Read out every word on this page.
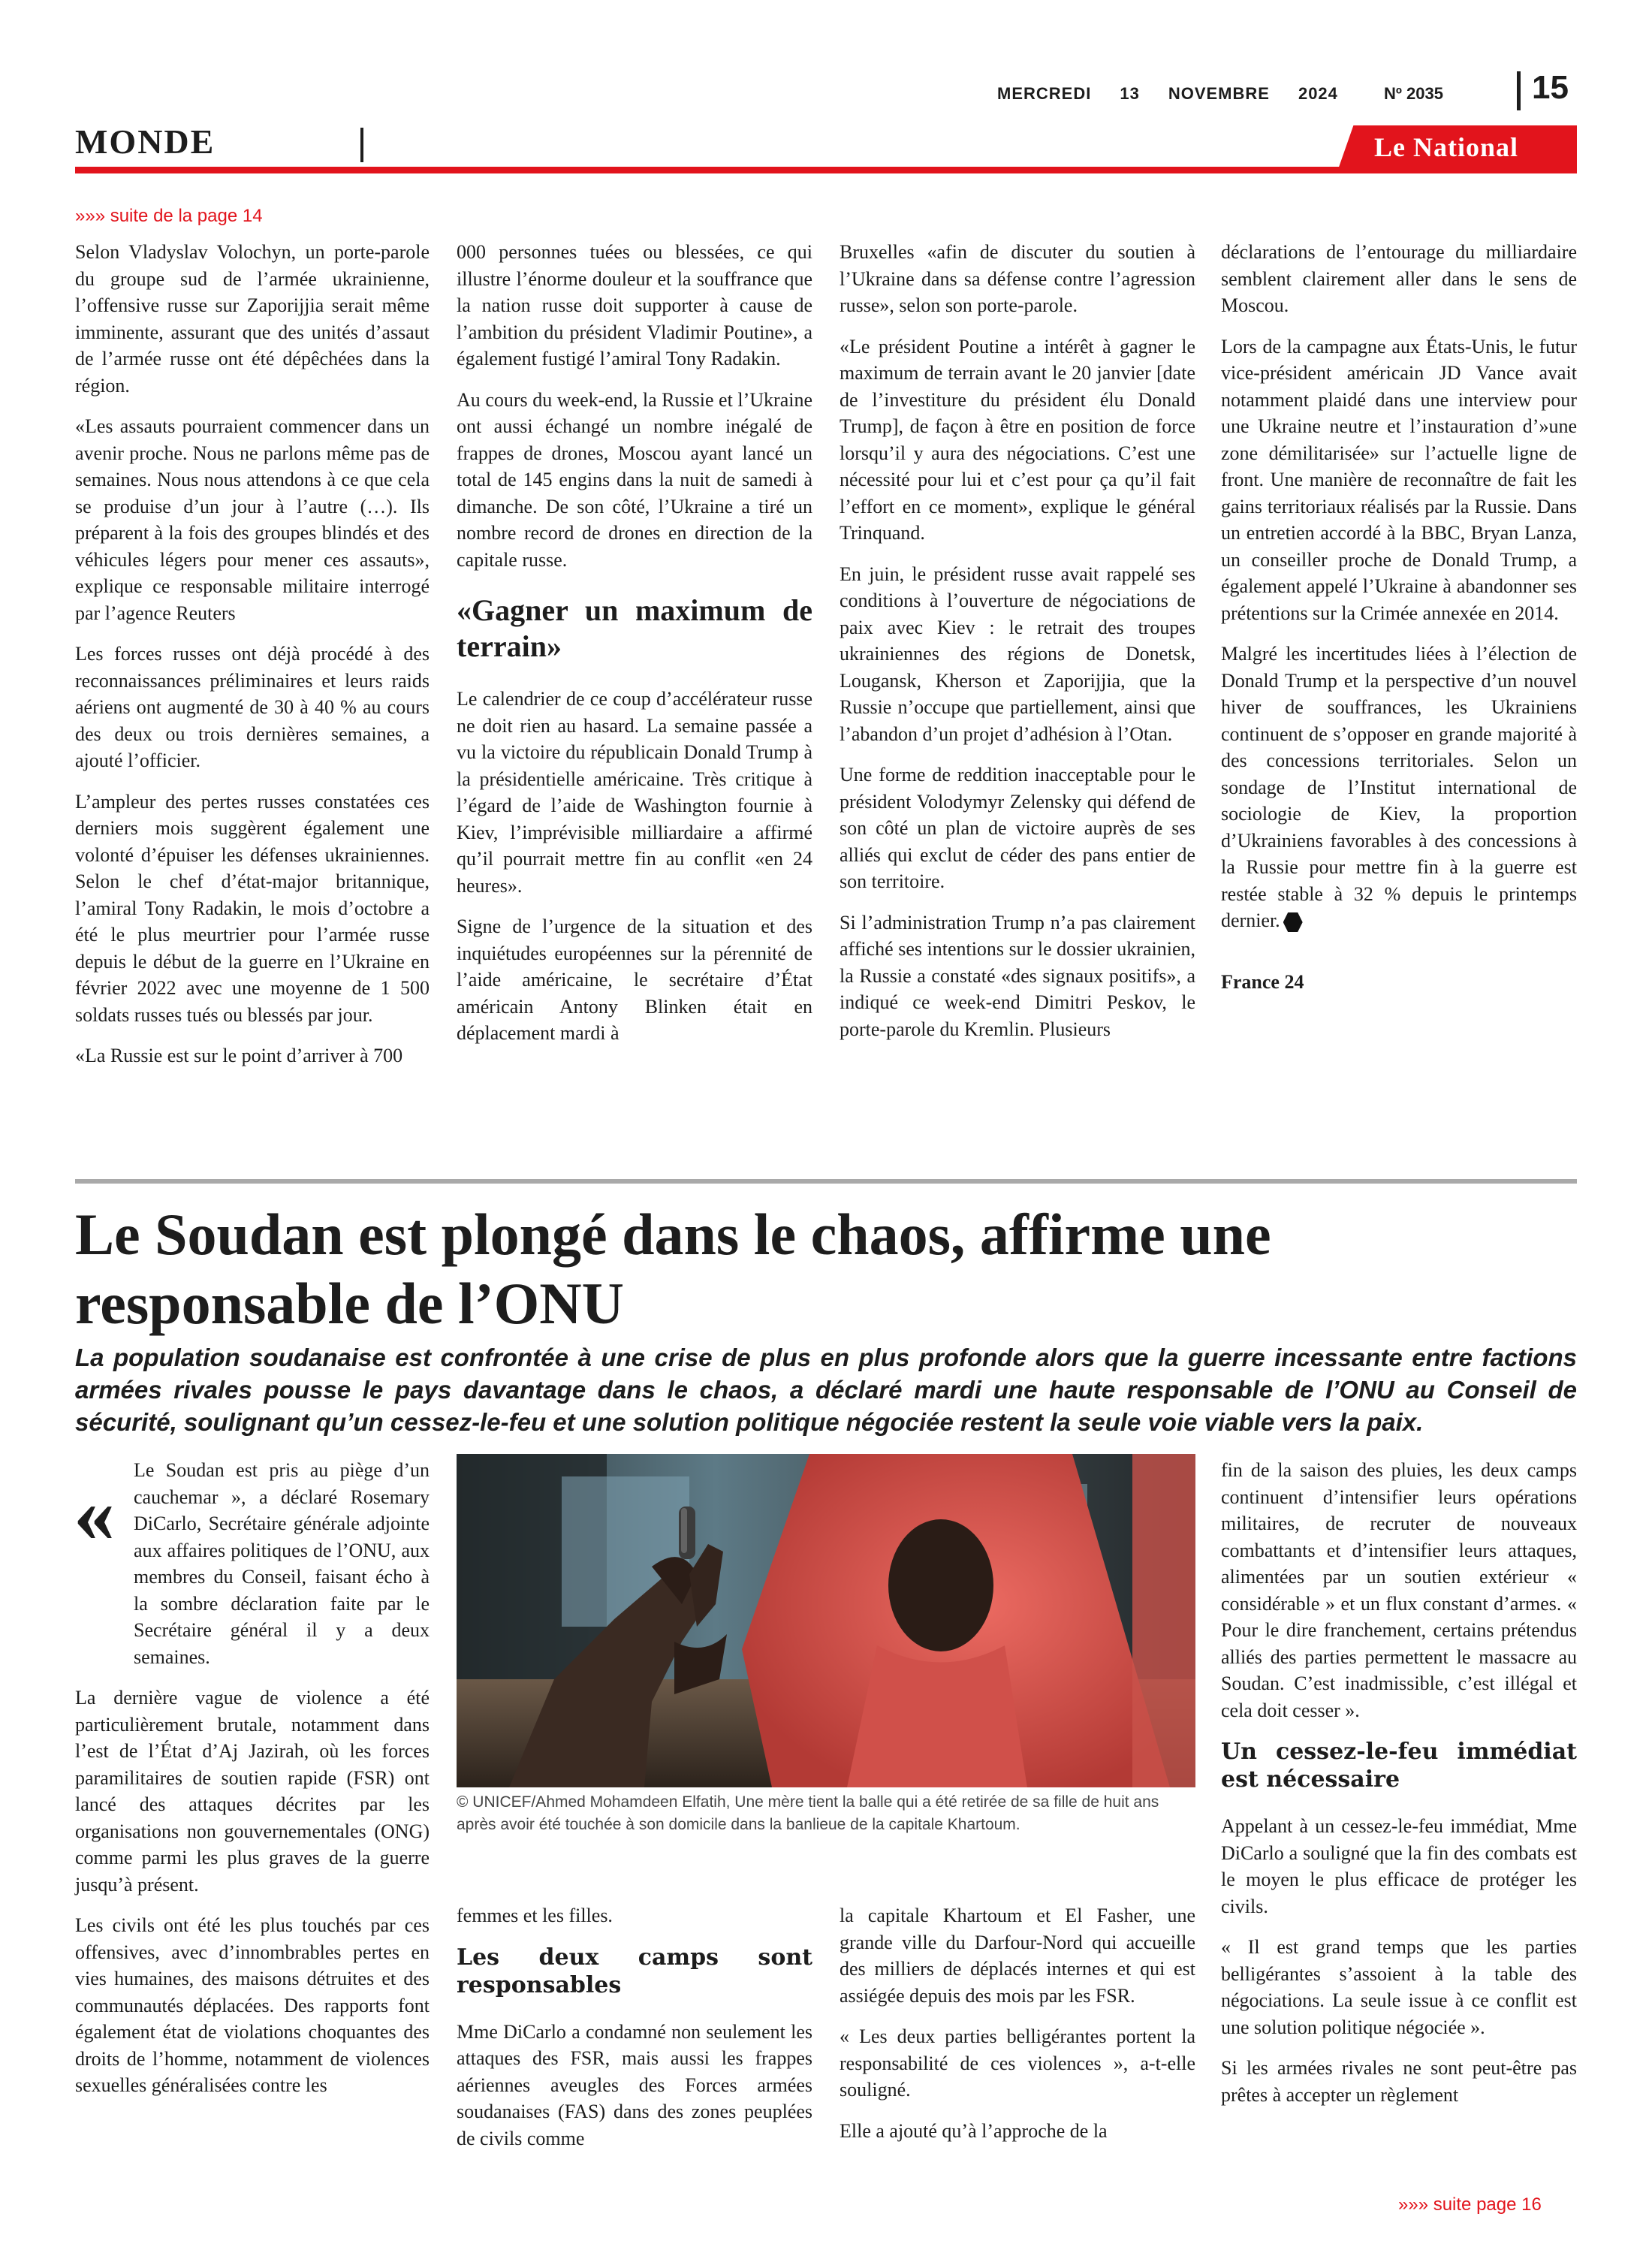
MERCREDI 13 NOVEMBRE 2024	Nº 2035	15
MONDE	Le National
»»» suite de la page 14

Selon Vladyslav Volochyn, un porte-parole du groupe sud de l’armée ukrainienne, l’offensive russe sur Zaporijjia serait même imminente, assurant que des unités d’assaut de l’armée russe ont été dépêchées dans la région.

«Les assauts pourraient commencer dans un avenir proche. Nous ne parlons même pas de semaines. Nous nous attendons à ce que cela se produise d’un jour à l’autre (…). Ils préparent à la fois des groupes blindés et des véhicules légers pour mener ces assauts», explique ce responsable militaire interrogé par l’agence Reuters

Les forces russes ont déjà procédé à des reconnaissances préliminaires et leurs raids aériens ont augmenté de 30 à 40 % au cours des deux ou trois dernières semaines, a ajouté l’officier.

L’ampleur des pertes russes constatées ces derniers mois suggèrent également une volonté d’épuiser les défenses ukrainiennes. Selon le chef d’état-major britannique, l’amiral Tony Radakin, le mois d’octobre a été le plus meurtrier pour l’armée russe depuis le début de la guerre en l’Ukraine en février 2022 avec une moyenne de 1 500 soldats russes tués ou blessés par jour.

«La Russie est sur le point d’arriver à 700

000 personnes tuées ou blessées, ce qui illustre l’énorme douleur et la souffrance que la nation russe doit supporter à cause de l’ambition du président Vladimir Poutine», a également fustigé l’amiral Tony Radakin.

Au cours du week-end, la Russie et l’Ukraine ont aussi échangé un nombre inégalé de frappes de drones, Moscou ayant lancé un total de 145 engins dans la nuit de samedi à dimanche. De son côté, l’Ukraine a tiré un nombre record de drones en direction de la capitale russe.

«Gagner un maximum de terrain»

Le calendrier de ce coup d’accélérateur russe ne doit rien au hasard. La semaine passée a vu la victoire du républicain Donald Trump à la présidentielle américaine. Très critique à l’égard de l’aide de Washington fournie à Kiev, l’imprévisible milliardaire a affirmé qu’il pourrait mettre fin au conflit «en 24 heures».

Signe de l’urgence de la situation et des inquiétudes européennes sur la pérennité de l’aide américaine, le secrétaire d’État américain Antony Blinken était en déplacement mardi à

Bruxelles «afin de discuter du soutien à l’Ukraine dans sa défense contre l’agression russe», selon son porte-parole.

«Le président Poutine a intérêt à gagner le maximum de terrain avant le 20 janvier [date de l’investiture du président élu Donald Trump], de façon à être en position de force lorsqu’il y aura des négociations. C’est une nécessité pour lui et c’est pour ça qu’il fait l’effort en ce moment», explique le général Trinquand.

En juin, le président russe avait rappelé ses conditions à l’ouverture de négociations de paix avec Kiev : le retrait des troupes ukrainiennes des régions de Donetsk, Lougansk, Kherson et Zaporijjia, que la Russie n’occupe que partiellement, ainsi que l’abandon d’un projet d’adhésion à l’Otan.

Une forme de reddition inacceptable pour le président Volodymyr Zelensky qui défend de son côté un plan de victoire auprès de ses alliés qui exclut de céder des pans entier de son territoire.

Si l’administration Trump n’a pas clairement affiché ses intentions sur le dossier ukrainien, la Russie a constaté «des signaux positifs», a indiqué ce week-end Dimitri Peskov, le porte-parole du Kremlin. Plusieurs

déclarations de l’entourage du milliardaire semblent clairement aller dans le sens de Moscou.

Lors de la campagne aux États-Unis, le futur vice-président américain JD Vance avait notamment plaidé dans une interview pour une Ukraine neutre et l’instauration d’»une zone démilitarisée» sur l’actuelle ligne de front. Une manière de reconnaître de fait les gains territoriaux réalisés par la Russie. Dans un entretien accordé à la BBC, Bryan Lanza, un conseiller proche de Donald Trump, a également appelé l’Ukraine à abandonner ses prétentions sur la Crimée annexée en 2014.

Malgré les incertitudes liées à l’élection de Donald Trump et la perspective d’un nouvel hiver de souffrances, les Ukrainiens continuent de s’opposer en grande majorité à des concessions territoriales. Selon un sondage de l’Institut international de sociologie de Kiev, la proportion d’Ukrainiens favorables à des concessions à la Russie pour mettre fin à la guerre est restée stable à 32 % depuis le printemps dernier.

France 24

Le Soudan est plongé dans le chaos, affirme une responsable de l’ONU
La population soudanaise est confrontée à une crise de plus en plus profonde alors que la guerre incessante entre factions armées rivales pousse le pays davantage dans le chaos, a déclaré mardi une haute responsable de l’ONU au Conseil de sécurité, soulignant qu’un cessez-le-feu et une solution politique négociée restent la seule voie viable vers la paix.
« Le Soudan est pris au piège d’un cauchemar », a déclaré Rosemary DiCarlo, Secrétaire générale adjointe aux affaires politiques de l’ONU, aux membres du Conseil, faisant écho à la sombre déclaration faite par le Secrétaire général il y a deux semaines.

La dernière vague de violence a été particulièrement brutale, notamment dans l’est de l’État d’Aj Jazirah, où les forces paramilitaires de soutien rapide (FSR) ont lancé des attaques décrites par les organisations non gouvernementales (ONG) comme parmi les plus graves de la guerre jusqu’à présent.

Les civils ont été les plus touchés par ces offensives, avec d’innombrables pertes en vies humaines, des maisons détruites et des communautés déplacées. Des rapports font également état de violations choquantes des droits de l’homme, notamment de violences sexuelles généralisées contre les

© UNICEF/Ahmed Mohamdeen Elfatih, Une mère tient la balle qui a été retirée de sa fille de huit ans après avoir été touchée à son domicile dans la banlieue de la capitale Khartoum.

femmes et les filles.

Les deux camps sont responsables

Mme DiCarlo a condamné non seulement les attaques des FSR, mais aussi les frappes aériennes aveugles des Forces armées soudanaises (FAS) dans des zones peuplées de civils comme

la capitale Khartoum et El Fasher, une grande ville du Darfour-Nord qui accueille des milliers de déplacés internes et qui est assiégée depuis des mois par les FSR.

« Les deux parties belligérantes portent la responsabilité de ces violences », a-t-elle souligné.

Elle a ajouté qu’à l’approche de la

fin de la saison des pluies, les deux camps continuent d’intensifier leurs opérations militaires, de recruter de nouveaux combattants et d’intensifier leurs attaques, alimentées par un soutien extérieur « considérable » et un flux constant d’armes. « Pour le dire franchement, certains prétendus alliés des parties permettent le massacre au Soudan. C’est inadmissible, c’est illégal et cela doit cesser ».

Un cessez-le-feu immédiat est nécessaire

Appelant à un cessez-le-feu immédiat, Mme DiCarlo a souligné que la fin des combats est le moyen le plus efficace de protéger les civils.

« Il est grand temps que les parties belligérantes s’assoient à la table des négociations. La seule issue à ce conflit est une solution politique négociée ».

Si les armées rivales ne sont peut-être pas prêtes à accepter un règlement

»»» suite page 16
